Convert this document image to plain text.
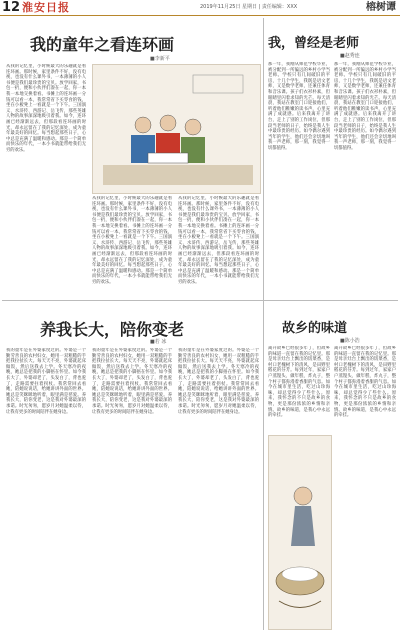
12 淮安日报	2019年11月25日 星期日 | 责任编辑：XXX	榕树谭
我的童年之看连环画
■李新平
从我的记忆里，小时候最大的乐趣就是看连环画。那时候，家里条件不好，没有电视，也没有什么课外书，一本薄薄的小人书便是我们最珍贵的宝贝。放学回家，书包一扔，便和小伙伴们凑在一起，你一本我一本地交换着看。书摊上的连环画一分钱可以看一本，我常常省下买零食的钱，坐在小板凳上一看就是一个下午。三国演义、水浒传、西游记、岳飞传，那些英雄人物的故事深深地吸引着我。如今，连环画已经渐渐远去，但那段看连环画的时光，却永远留在了我的记忆深处，成为童年最美好的回忆。每当想起那些日子，心中总是充满了温暖和感动。那是一个简单而快乐的年代，一本小书就能带给我们无穷的欢乐。
从我的记忆里，小时候最大的乐趣就是看连环画。那时候，家里条件不好，没有电视，也没有什么课外书，一本薄薄的小人书便是我们最珍贵的宝贝。放学回家，书包一扔，便和小伙伴们凑在一起，你一本我一本地交换着看。书摊上的连环画一分钱可以看一本，我常常省下买零食的钱，坐在小板凳上一看就是一个下午。三国演义、水浒传、西游记、岳飞传，那些英雄人物的故事深深地吸引着我。如今，连环画已经渐渐远去，但那段看连环画的时光，却永远留在了我的记忆深处，成为童年最美好的回忆。每当想起那些日子，心中总是充满了温暖和感动。那是一个简单而快乐的年代，一本小书就能带给我们无穷的欢乐。
从我的记忆里，小时候最大的乐趣就是看连环画。那时候，家里条件不好，没有电视，也没有什么课外书，一本薄薄的小人书便是我们最珍贵的宝贝。放学回家，书包一扔，便和小伙伴们凑在一起，你一本我一本地交换着看。书摊上的连环画一分钱可以看一本，我常常省下买零食的钱，坐在小板凳上一看就是一个下午。三国演义、水浒传、西游记、岳飞传，那些英雄人物的故事深深地吸引着我。如今，连环画已经渐渐远去，但那段看连环画的时光，却永远留在了我的记忆深处，成为童年最美好的回忆。每当想起那些日子，心中总是充满了温暖和感动。那是一个简单而快乐的年代，一本小书就能带给我们无穷的欢乐。
我，曾经是老师
■赵秀连
那一年，我刚从师范学校毕业，被分配到一所偏远的乡村小学当老师。学校只有几间破旧的平房，十几个学生，我既是语文老师，又是数学老师，还兼任体育和音乐课。孩子们衣衫朴素，但眼睛里闪着求知的光芒。每天清晨，我站在教室门口迎接他们，听着他们稚嫩的读书声，心里充满了成就感。后来我离开了讲台，走上了别的工作岗位，但那段当老师的日子，始终是我人生中最珍贵的经历。如今偶尔遇到当年的学生，他们还会亲切地叫我一声老师，那一刻，我觉得一切都值得。
那一年，我刚从师范学校毕业，被分配到一所偏远的乡村小学当老师。学校只有几间破旧的平房，十几个学生，我既是语文老师，又是数学老师，还兼任体育和音乐课。孩子们衣衫朴素，但眼睛里闪着求知的光芒。每天清晨，我站在教室门口迎接他们，听着他们稚嫩的读书声，心里充满了成就感。后来我离开了讲台，走上了别的工作岗位，但那段当老师的日子，始终是我人生中最珍贵的经历。如今偶尔遇到当年的学生，他们还会亲切地叫我一声老师，那一刻，我觉得一切都值得。
养我长大，陪你变老
■若 冰
我的童年是在外婆家度过的。外婆是一个勤劳善良的农村妇女，她用一双粗糙的手把我拉扯长大。每天天不亮，外婆就起床做饭，然后送我去上学。冬天寒冷的夜晚，她总是把我的小脚捂在怀里。如今我长大了，外婆却老了，头发白了，背也驼了，走路需要拄着拐杖。我常常回去看她，陪她说说话，给她讲讲外面的世界。她总是笑眯眯地听着，眼里满是慈爱。养我长大，陪你变老，这是我对外婆最深的承诺。时光匆匆，愿岁月对她温柔以待，让我有更多的时间陪伴在她身边。
我的童年是在外婆家度过的。外婆是一个勤劳善良的农村妇女，她用一双粗糙的手把我拉扯长大。每天天不亮，外婆就起床做饭，然后送我去上学。冬天寒冷的夜晚，她总是把我的小脚捂在怀里。如今我长大了，外婆却老了，头发白了，背也驼了，走路需要拄着拐杖。我常常回去看她，陪她说说话，给她讲讲外面的世界。她总是笑眯眯地听着，眼里满是慈爱。养我长大，陪你变老，这是我对外婆最深的承诺。时光匆匆，愿岁月对她温柔以待，让我有更多的时间陪伴在她身边。
我的童年是在外婆家度过的。外婆是一个勤劳善良的农村妇女，她用一双粗糙的手把我拉扯长大。每天天不亮，外婆就起床做饭，然后送我去上学。冬天寒冷的夜晚，她总是把我的小脚捂在怀里。如今我长大了，外婆却老了，头发白了，背也驼了，走路需要拄着拐杖。我常常回去看她，陪她说说话，给她讲讲外面的世界。她总是笑眯眯地听着，眼里满是慈爱。养我长大，陪你变老，这是我对外婆最深的承诺。时光匆匆，愿岁月对她温柔以待，让我有更多的时间陪伴在她身边。
故乡的味道
■陈小浩
离开故乡已经很多年了，但故乡的味道一直留在我的记忆里。那是母亲灶台上飘出的饭菜香，是村口老槐树下的清风，是田野里稻花的芬芳。每到过年，家家户户蒸馒头、做年糕、炸丸子，整个村子都弥漫着香甜的气息。如今在城市里生活，吃过山珍海味，却总觉得少了些什么。原来，我怀念的不只是故乡的食物，更是那份浓浓的乡情和亲情。故乡的味道，是我心中永远的牵挂。
离开故乡已经很多年了，但故乡的味道一直留在我的记忆里。那是母亲灶台上飘出的饭菜香，是村口老槐树下的清风，是田野里稻花的芬芳。每到过年，家家户户蒸馒头、做年糕、炸丸子，整个村子都弥漫着香甜的气息。如今在城市里生活，吃过山珍海味，却总觉得少了些什么。原来，我怀念的不只是故乡的食物，更是那份浓浓的乡情和亲情。故乡的味道，是我心中永远的牵挂。
